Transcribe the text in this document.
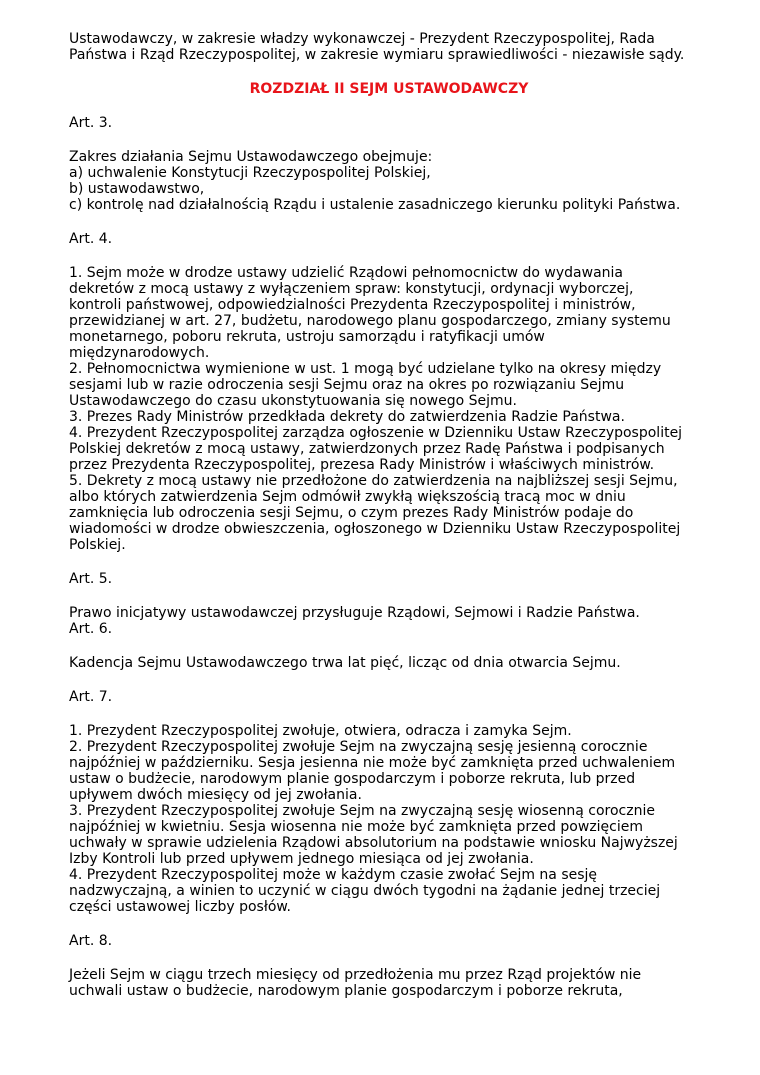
Ustawodawczy, w zakresie władzy wykonawczej - Prezydent Rzeczypospolitej, Rada
Państwa i Rząd Rzeczypospolitej, w zakresie wymiaru sprawiedliwości - niezawisłe sądy.
ROZDZIAŁ II SEJM USTAWODAWCZY
Art. 3.
Zakres działania Sejmu Ustawodawczego obejmuje:
a) uchwalenie Konstytucji Rzeczypospolitej Polskiej,
b) ustawodawstwo,
c) kontrolę nad działalnością Rządu i ustalenie zasadniczego kierunku polityki Państwa.
Art. 4.
1. Sejm może w drodze ustawy udzielić Rządowi pełnomocnictw do wydawania
dekretów z mocą ustawy z wyłączeniem spraw: konstytucji, ordynacji wyborczej,
kontroli państwowej, odpowiedzialności Prezydenta Rzeczypospolitej i ministrów,
przewidzianej w art. 27, budżetu, narodowego planu gospodarczego, zmiany systemu
monetarnego, poboru rekruta, ustroju samorządu i ratyfikacji umów
międzynarodowych.
2. Pełnomocnictwa wymienione w ust. 1 mogą być udzielane tylko na okresy między
sesjami lub w razie odroczenia sesji Sejmu oraz na okres po rozwiązaniu Sejmu
Ustawodawczego do czasu ukonstytuowania się nowego Sejmu.
3. Prezes Rady Ministrów przedkłada dekrety do zatwierdzenia Radzie Państwa.
4. Prezydent Rzeczypospolitej zarządza ogłoszenie w Dzienniku Ustaw Rzeczypospolitej
Polskiej dekretów z mocą ustawy, zatwierdzonych przez Radę Państwa i podpisanych
przez Prezydenta Rzeczypospolitej, prezesa Rady Ministrów i właściwych ministrów.
5. Dekrety z mocą ustawy nie przedłożone do zatwierdzenia na najbliższej sesji Sejmu,
albo których zatwierdzenia Sejm odmówił zwykłą większością tracą moc w dniu
zamknięcia lub odroczenia sesji Sejmu, o czym prezes Rady Ministrów podaje do
wiadomości w drodze obwieszczenia, ogłoszonego w Dzienniku Ustaw Rzeczypospolitej
Polskiej.
Art. 5.
Prawo inicjatywy ustawodawczej przysługuje Rządowi, Sejmowi i Radzie Państwa.
Art. 6.
Kadencja Sejmu Ustawodawczego trwa lat pięć, licząc od dnia otwarcia Sejmu.
Art. 7.
1. Prezydent Rzeczypospolitej zwołuje, otwiera, odracza i zamyka Sejm.
2. Prezydent Rzeczypospolitej zwołuje Sejm na zwyczajną sesję jesienną corocznie
najpóźniej w październiku. Sesja jesienna nie może być zamknięta przed uchwaleniem
ustaw o budżecie, narodowym planie gospodarczym i poborze rekruta, lub przed
upływem dwóch miesięcy od jej zwołania.
3. Prezydent Rzeczypospolitej zwołuje Sejm na zwyczajną sesję wiosenną corocznie
najpóźniej w kwietniu. Sesja wiosenna nie może być zamknięta przed powzięciem
uchwały w sprawie udzielenia Rządowi absolutorium na podstawie wniosku Najwyższej
Izby Kontroli lub przed upływem jednego miesiąca od jej zwołania.
4. Prezydent Rzeczypospolitej może w każdym czasie zwołać Sejm na sesję
nadzwyczajną, a winien to uczynić w ciągu dwóch tygodni na żądanie jednej trzeciej
części ustawowej liczby posłów.
Art. 8.
Jeżeli Sejm w ciągu trzech miesięcy od przedłożenia mu przez Rząd projektów nie
uchwali ustaw o budżecie, narodowym planie gospodarczym i poborze rekruta,
